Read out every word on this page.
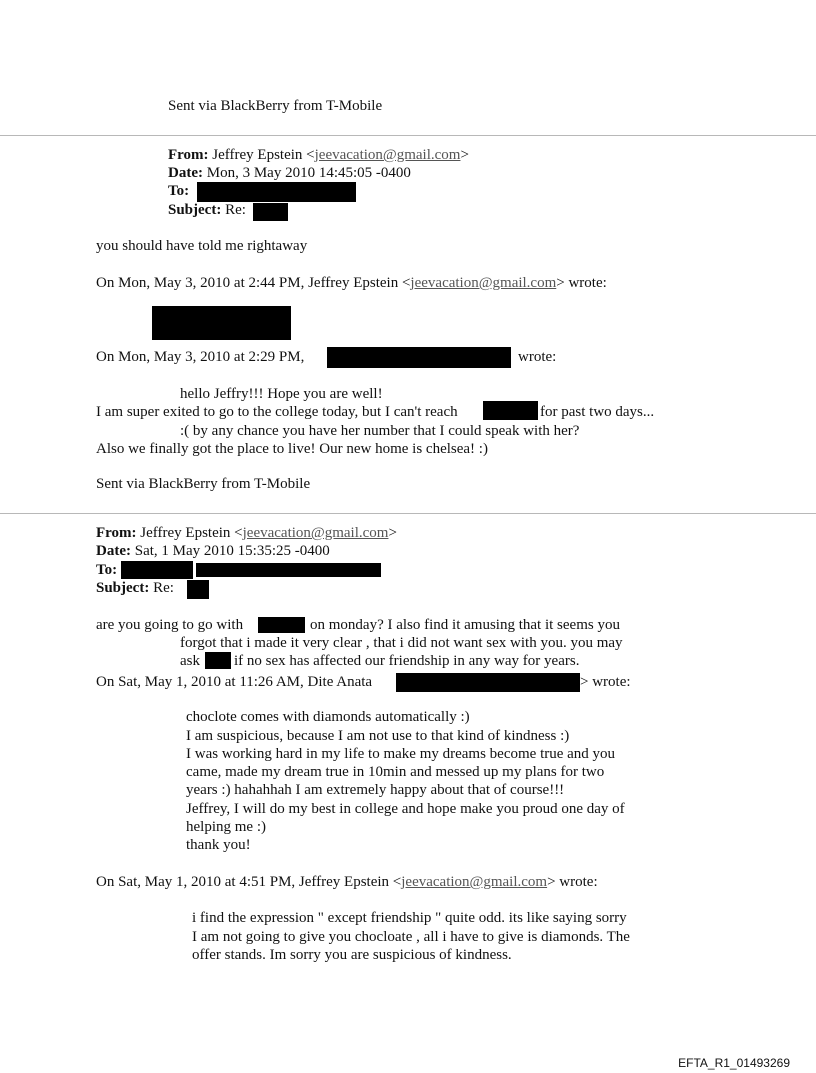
Sent via BlackBerry from T-Mobile
From: Jeffrey Epstein <jeevacation@gmail.com>
Date: Mon, 3 May 2010 14:45:05 -0400
To:
Subject: Re:
you should have told me rightaway
On Mon, May 3, 2010 at 2:44 PM, Jeffrey Epstein <jeevacation@gmail.com> wrote:
On Mon, May 3, 2010 at 2:29 PM,	wrote:
hello Jeffry!!! Hope you are well!
I am super exited to go to the college today, but I can't reach	for past two days...
:( by any chance you have her number that I could speak with her?
Also we finally got the place to live! Our new home is chelsea! :)
Sent via BlackBerry from T-Mobile
From: Jeffrey Epstein <jeevacation@gmail.com>
Date: Sat, 1 May 2010 15:35:25 -0400
To:
Subject: Re:
are you going to go with	on monday? I also find it amusing that it seems you
forgot that i made it very clear , that i did not want sex with you. you may
ask if no sex has affected our friendship in any way for years.
On Sat, May 1, 2010 at 11:26 AM, Dite Anata	> wrote:
choclote comes with diamonds automatically :)
I am suspicious, because I am not use to that kind of kindness :)
I was working hard in my life to make my dreams become true and you
came, made my dream true in 10min and messed up my plans for two
years :) hahahhah I am extremely happy about that of course!!!
Jeffrey, I will do my best in college and hope make you proud one day of
helping me :)
thank you!
On Sat, May 1, 2010 at 4:51 PM, Jeffrey Epstein <jeevacation@gmail.com> wrote:
i find the expression " except friendship " quite odd. its like saying sorry
I am not going to give you chocloate , all i have to give is diamonds. The
offer stands. Im sorry you are suspicious of kindness.
EFTA_R1_01493269
